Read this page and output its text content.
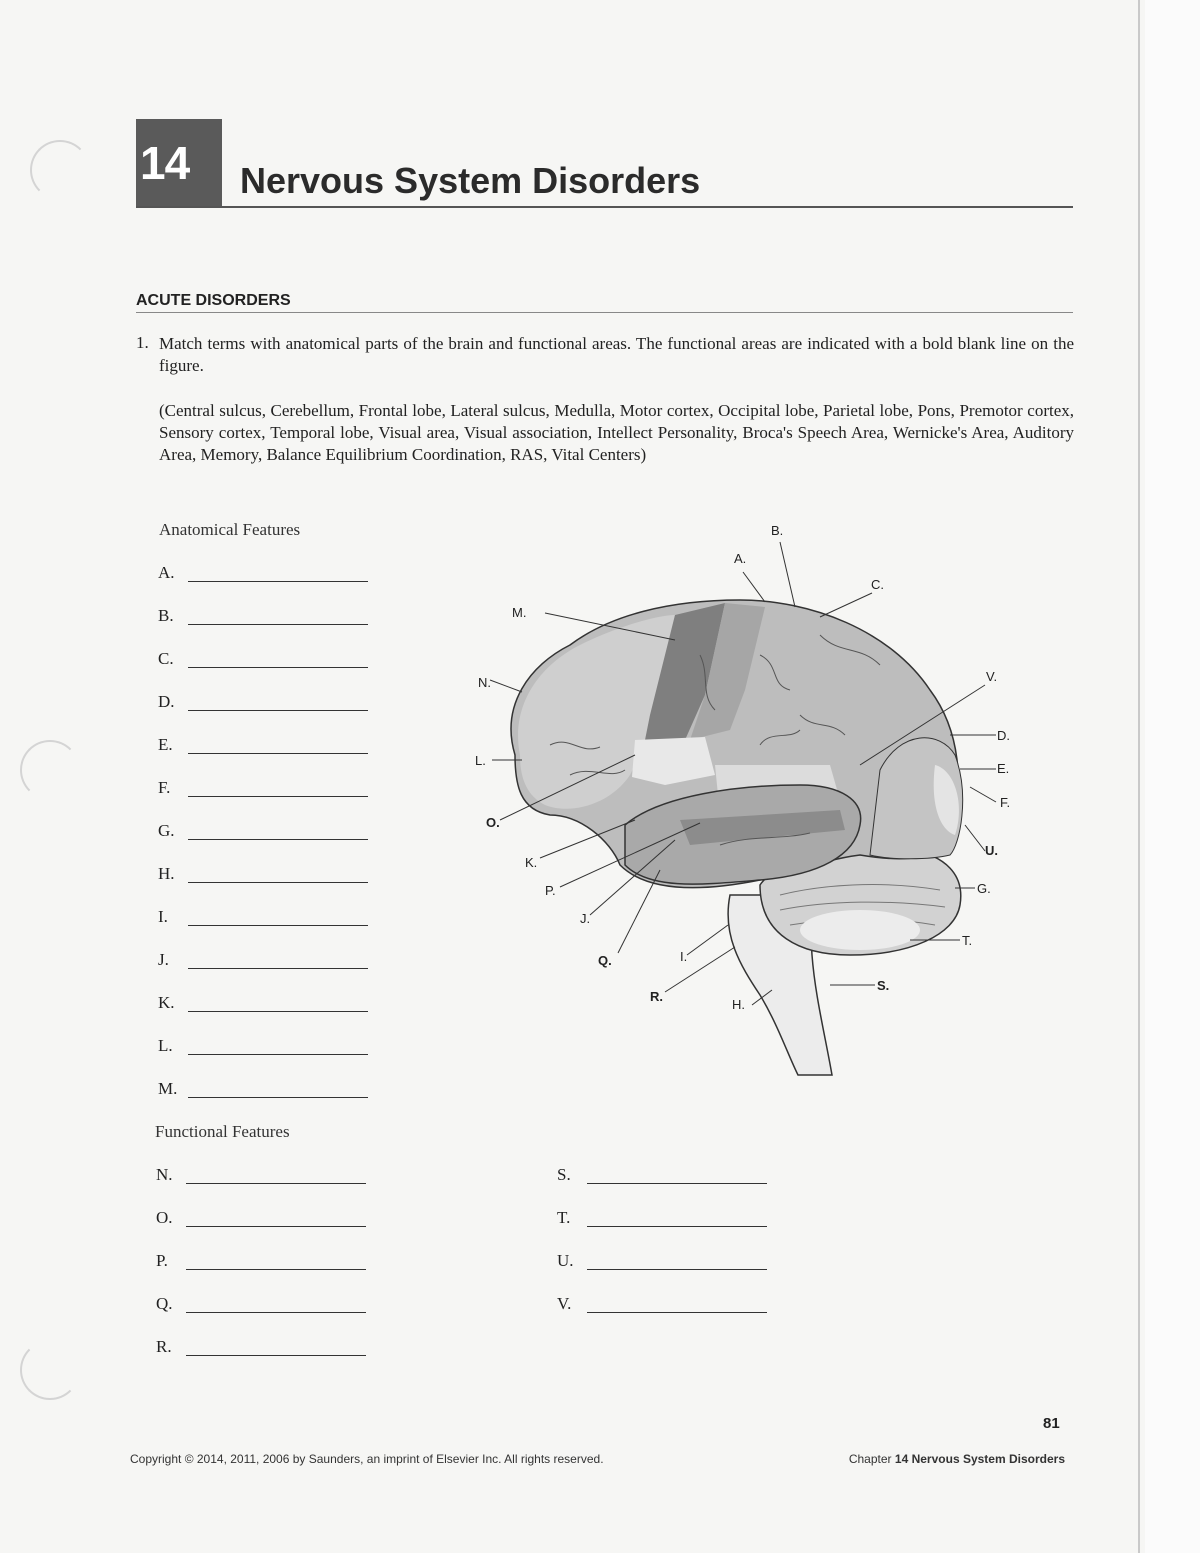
14 Nervous System Disorders
ACUTE DISORDERS
1. Match terms with anatomical parts of the brain and functional areas. The functional areas are indicated with a bold blank line on the figure.
(Central sulcus, Cerebellum, Frontal lobe, Lateral sulcus, Medulla, Motor cortex, Occipital lobe, Parietal lobe, Pons, Premotor cortex, Sensory cortex, Temporal lobe, Visual area, Visual association, Intellect Personality, Broca's Speech Area, Wernicke's Area, Auditory Area, Memory, Balance Equilibrium Coordination, RAS, Vital Centers)
Anatomical Features
A.
B.
C.
D.
E.
F.
G.
H.
I.
J.
K.
L.
M.
Functional Features
N.
O.
P.
Q.
R.
S.
T.
U.
V.
A.
B.
C.
D.
E.
F.
G.
H.
I.
J.
K.
L.
M.
N.
O.
P.
Q.
R.
S.
T.
U.
V.
81
Copyright © 2014, 2011, 2006 by Saunders, an imprint of Elsevier Inc. All rights reserved.	Chapter 14 Nervous System Disorders
